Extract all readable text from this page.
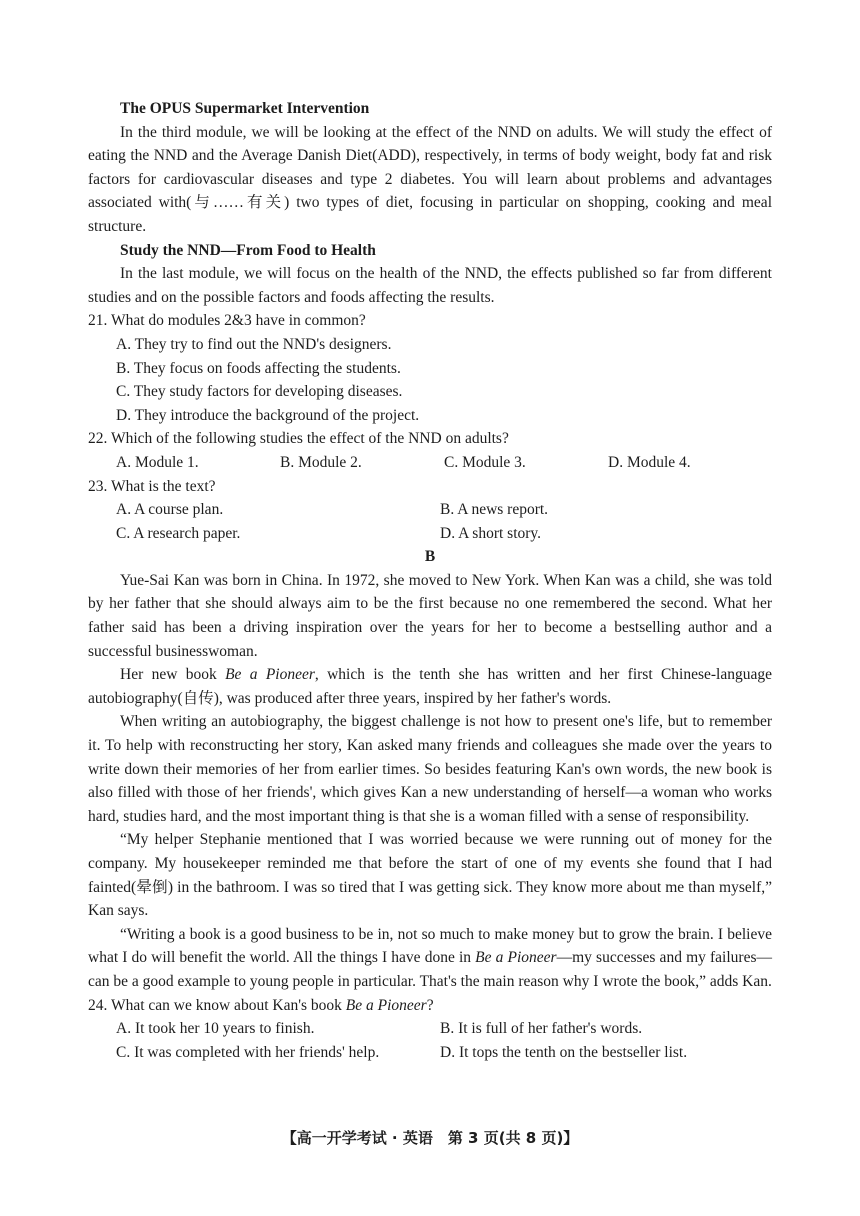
The OPUS Supermarket Intervention

In the third module, we will be looking at the effect of the NND on adults. We will study the effect of eating the NND and the Average Danish Diet(ADD), respectively, in terms of body weight, body fat and risk factors for cardiovascular diseases and type 2 diabetes. You will learn about problems and advantages associated with(与……有关) two types of diet, focusing in particular on shopping, cooking and meal structure.

Study the NND—From Food to Health

In the last module, we will focus on the health of the NND, the effects published so far from different studies and on the possible factors and foods affecting the results.

21. What do modules 2&3 have in common?

A. They try to find out the NND's designers.

B. They focus on foods affecting the students.

C. They study factors for developing diseases.

D. They introduce the background of the project.

22. Which of the following studies the effect of the NND on adults?

A. Module 1.	B. Module 2.	C. Module 3.	D. Module 4.

23. What is the text?

A. A course plan.	B. A news report.
C. A research paper.	D. A short story.

B

Yue-Sai Kan was born in China. In 1972, she moved to New York. When Kan was a child, she was told by her father that she should always aim to be the first because no one remembered the second. What her father said has been a driving inspiration over the years for her to become a bestselling author and a successful businesswoman.

Her new book Be a Pioneer, which is the tenth she has written and her first Chinese-language autobiography(自传), was produced after three years, inspired by her father's words.

When writing an autobiography, the biggest challenge is not how to present one's life, but to remember it. To help with reconstructing her story, Kan asked many friends and colleagues she made over the years to write down their memories of her from earlier times. So besides featuring Kan's own words, the new book is also filled with those of her friends', which gives Kan a new understanding of herself—a woman who works hard, studies hard, and the most important thing is that she is a woman filled with a sense of responsibility.

“My helper Stephanie mentioned that I was worried because we were running out of money for the company. My housekeeper reminded me that before the start of one of my events she found that I had fainted(晕倒) in the bathroom. I was so tired that I was getting sick. They know more about me than myself,” Kan says.

“Writing a book is a good business to be in, not so much to make money but to grow the brain. I believe what I do will benefit the world. All the things I have done in Be a Pioneer—my successes and my failures—can be a good example to young people in particular. That's the main reason why I wrote the book,” adds Kan.

24. What can we know about Kan's book Be a Pioneer?

A. It took her 10 years to finish.	B. It is full of her father's words.
C. It was completed with her friends' help.	D. It tops the tenth on the bestseller list.
【高一开学考试 · 英语　第 3 页(共 8 页)】
